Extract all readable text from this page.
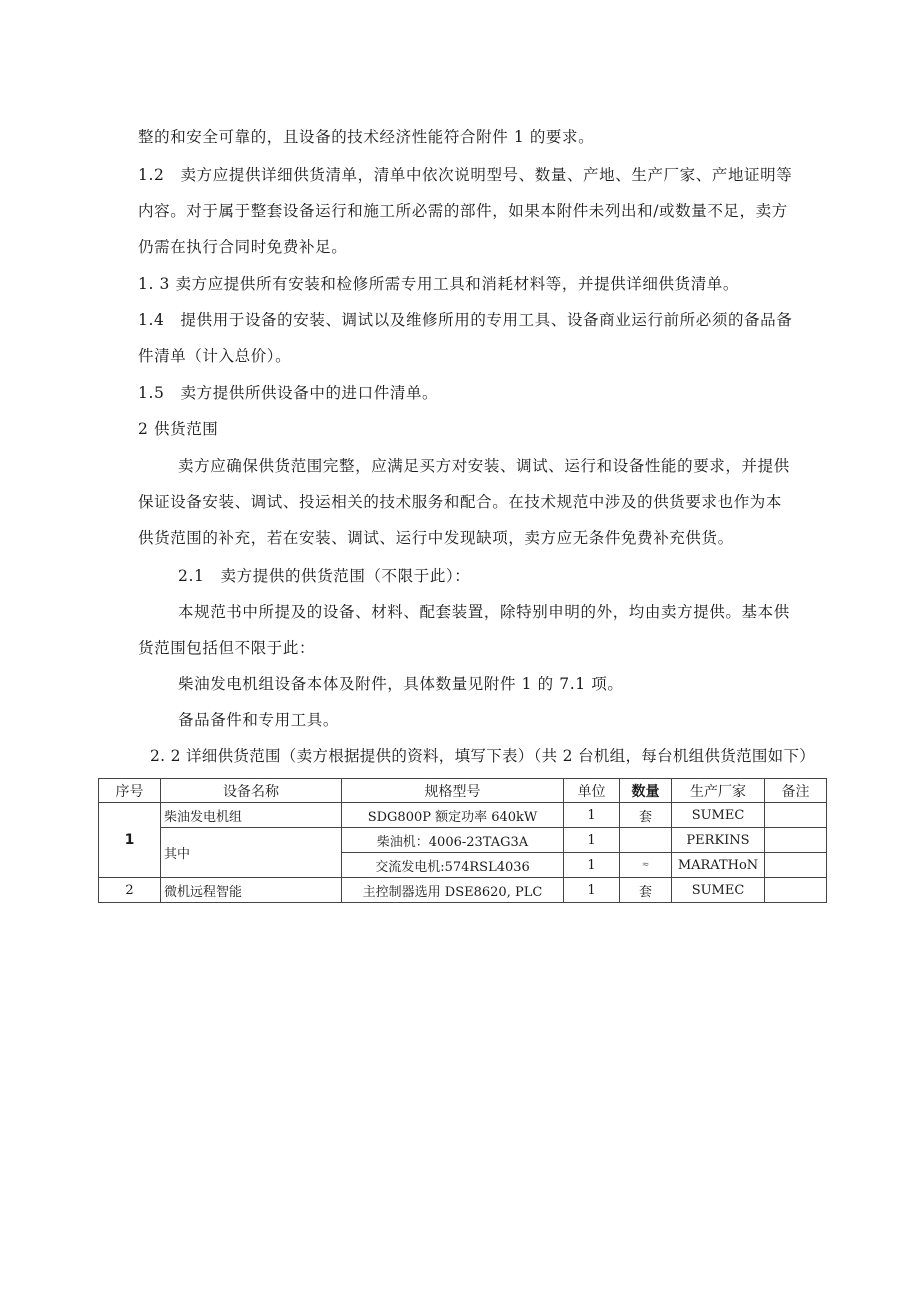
整的和安全可靠的，且设备的技术经济性能符合附件 1 的要求。
1.2　卖方应提供详细供货清单，清单中依次说明型号、数量、产地、生产厂家、产地证明等
内容。对于属于整套设备运行和施工所必需的部件，如果本附件未列出和/或数量不足，卖方
仍需在执行合同时免费补足。
1. 3 卖方应提供所有安装和检修所需专用工具和消耗材料等，并提供详细供货清单。
1.4　提供用于设备的安装、调试以及维修所用的专用工具、设备商业运行前所必须的备品备
件清单（计入总价）。
1.5　卖方提供所供设备中的进口件清单。
2 供货范围
卖方应确保供货范围完整，应满足买方对安装、调试、运行和设备性能的要求，并提供
保证设备安装、调试、投运相关的技术服务和配合。在技术规范中涉及的供货要求也作为本
供货范围的补充，若在安装、调试、运行中发现缺项，卖方应无条件免费补充供货。
2.1　卖方提供的供货范围（不限于此）：
本规范书中所提及的设备、材料、配套装置，除特别申明的外，均由卖方提供。基本供
货范围包括但不限于此：
柴油发电机组设备本体及附件，具体数量见附件 1 的 7.1 项。
备品备件和专用工具。
2. 2 详细供货范围（卖方根据提供的资料，填写下表）（共 2 台机组，每台机组供货范围如下）
序号	设备名称	规格型号	单位	数量	生产厂家	备注
1	柴油发电机组	SDG800P 额定功率 640kW	1	套	SUMEC	
	其中	柴油机：4006-23TAG3A	1		PERKINS	
		交流发电机:574RSL4036	1	≈	MARATHoN	
2	微机远程智能	主控制器选用 DSE8620, PLC	1	套	SUMEC	
